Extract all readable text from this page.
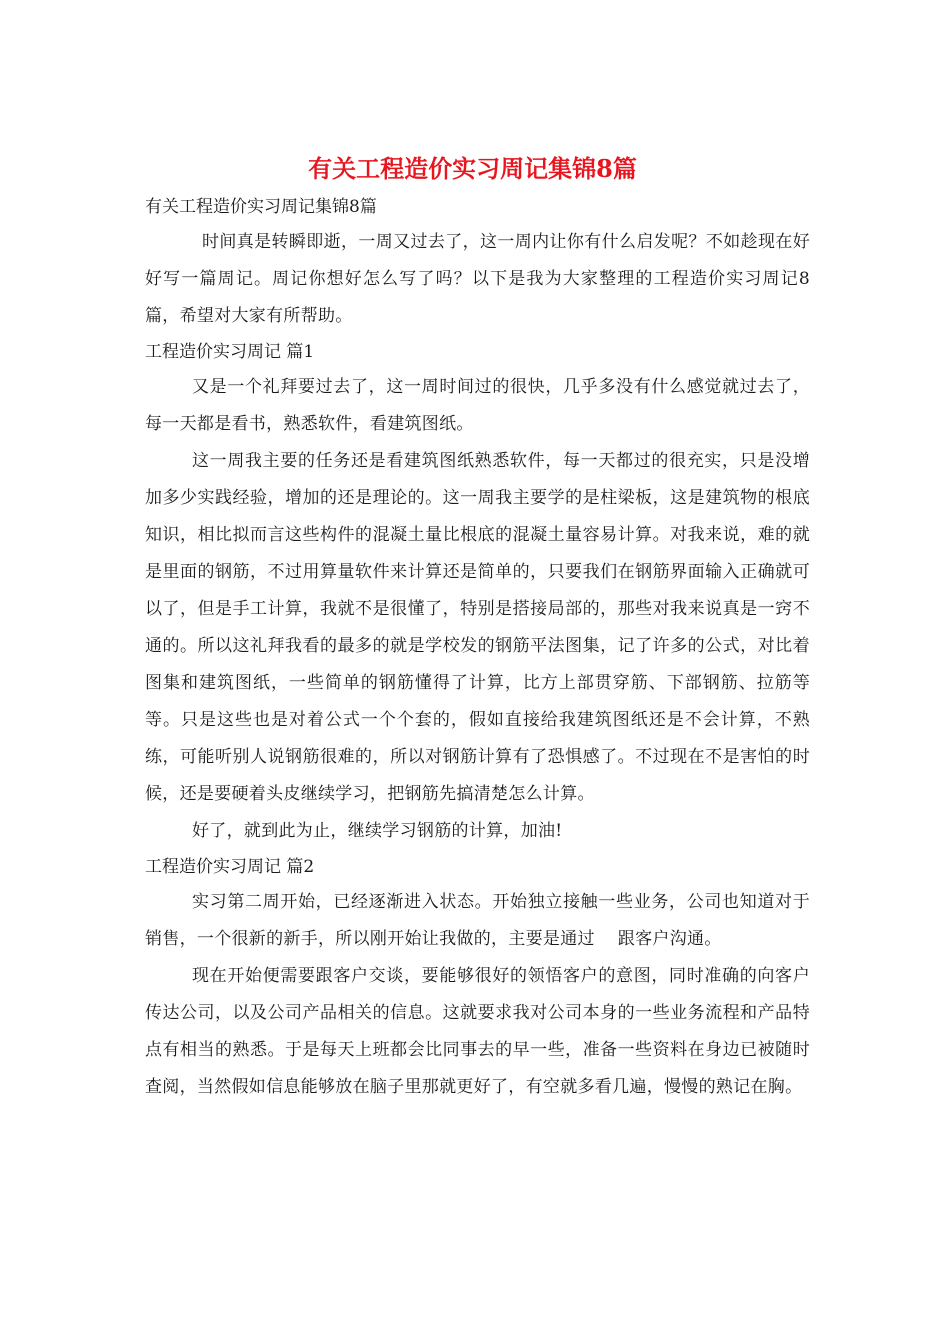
有关工程造价实习周记集锦8篇
有关工程造价实习周记集锦8篇

时间真是转瞬即逝，一周又过去了，这一周内让你有什么启发呢？不如趁现在好好写一篇周记。周记你想好怎么写了吗？以下是我为大家整理的工程造价实习周记8篇，希望对大家有所帮助。

工程造价实习周记 篇1

又是一个礼拜要过去了，这一周时间过的很快，几乎多没有什么感觉就过去了，每一天都是看书，熟悉软件，看建筑图纸。

这一周我主要的任务还是看建筑图纸熟悉软件，每一天都过的很充实，只是没增加多少实践经验，增加的还是理论的。这一周我主要学的是柱梁板，这是建筑物的根底知识，相比拟而言这些构件的混凝土量比根底的混凝土量容易计算。对我来说，难的就是里面的钢筋，不过用算量软件来计算还是简单的，只要我们在钢筋界面输入正确就可以了，但是手工计算，我就不是很懂了，特别是搭接局部的，那些对我来说真是一窍不通的。所以这礼拜我看的最多的就是学校发的钢筋平法图集，记了许多的公式，对比着图集和建筑图纸，一些简单的钢筋懂得了计算，比方上部贯穿筋、下部钢筋、拉筋等等。只是这些也是对着公式一个个套的，假如直接给我建筑图纸还是不会计算，不熟练，可能听别人说钢筋很难的，所以对钢筋计算有了恐惧感了。不过现在不是害怕的时候，还是要硬着头皮继续学习，把钢筋先搞清楚怎么计算。

好了，就到此为止，继续学习钢筋的计算，加油!

工程造价实习周记 篇2

实习第二周开始，已经逐渐进入状态。开始独立接触一些业务，公司也知道对于销售，一个很新的新手，所以刚开始让我做的，主要是通过　 跟客户沟通。

现在开始便需要跟客户交谈，要能够很好的领悟客户的意图，同时准确的向客户传达公司，以及公司产品相关的信息。这就要求我对公司本身的一些业务流程和产品特点有相当的熟悉。于是每天上班都会比同事去的早一些，准备一些资料在身边已被随时查阅，当然假如信息能够放在脑子里那就更好了，有空就多看几遍，慢慢的熟记在胸。
